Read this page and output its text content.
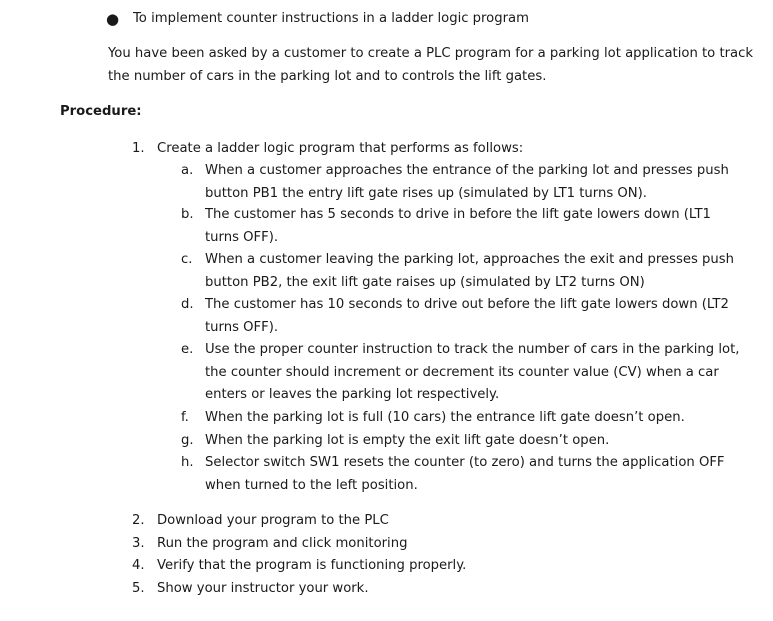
●	To implement counter instructions in a ladder logic program
You have been asked by a customer to create a PLC program for a parking lot application to track the number of cars in the parking lot and to controls the lift gates.
Procedure:
1. Create a ladder logic program that performs as follows:
a. When a customer approaches the entrance of the parking lot and presses push button PB1 the entry lift gate rises up (simulated by LT1 turns ON).
b. The customer has 5 seconds to drive in before the lift gate lowers down (LT1 turns OFF).
c. When a customer leaving the parking lot, approaches the exit and presses push button PB2, the exit lift gate raises up (simulated by LT2 turns ON)
d. The customer has 10 seconds to drive out before the lift gate lowers down (LT2 turns OFF).
e. Use the proper counter instruction to track the number of cars in the parking lot, the counter should increment or decrement its counter value (CV) when a car enters or leaves the parking lot respectively.
f. When the parking lot is full (10 cars) the entrance lift gate doesn’t open.
g. When the parking lot is empty the exit lift gate doesn’t open.
h. Selector switch SW1 resets the counter (to zero) and turns the application OFF when turned to the left position.
2. Download your program to the PLC
3. Run the program and click monitoring
4. Verify that the program is functioning properly.
5. Show your instructor your work.
